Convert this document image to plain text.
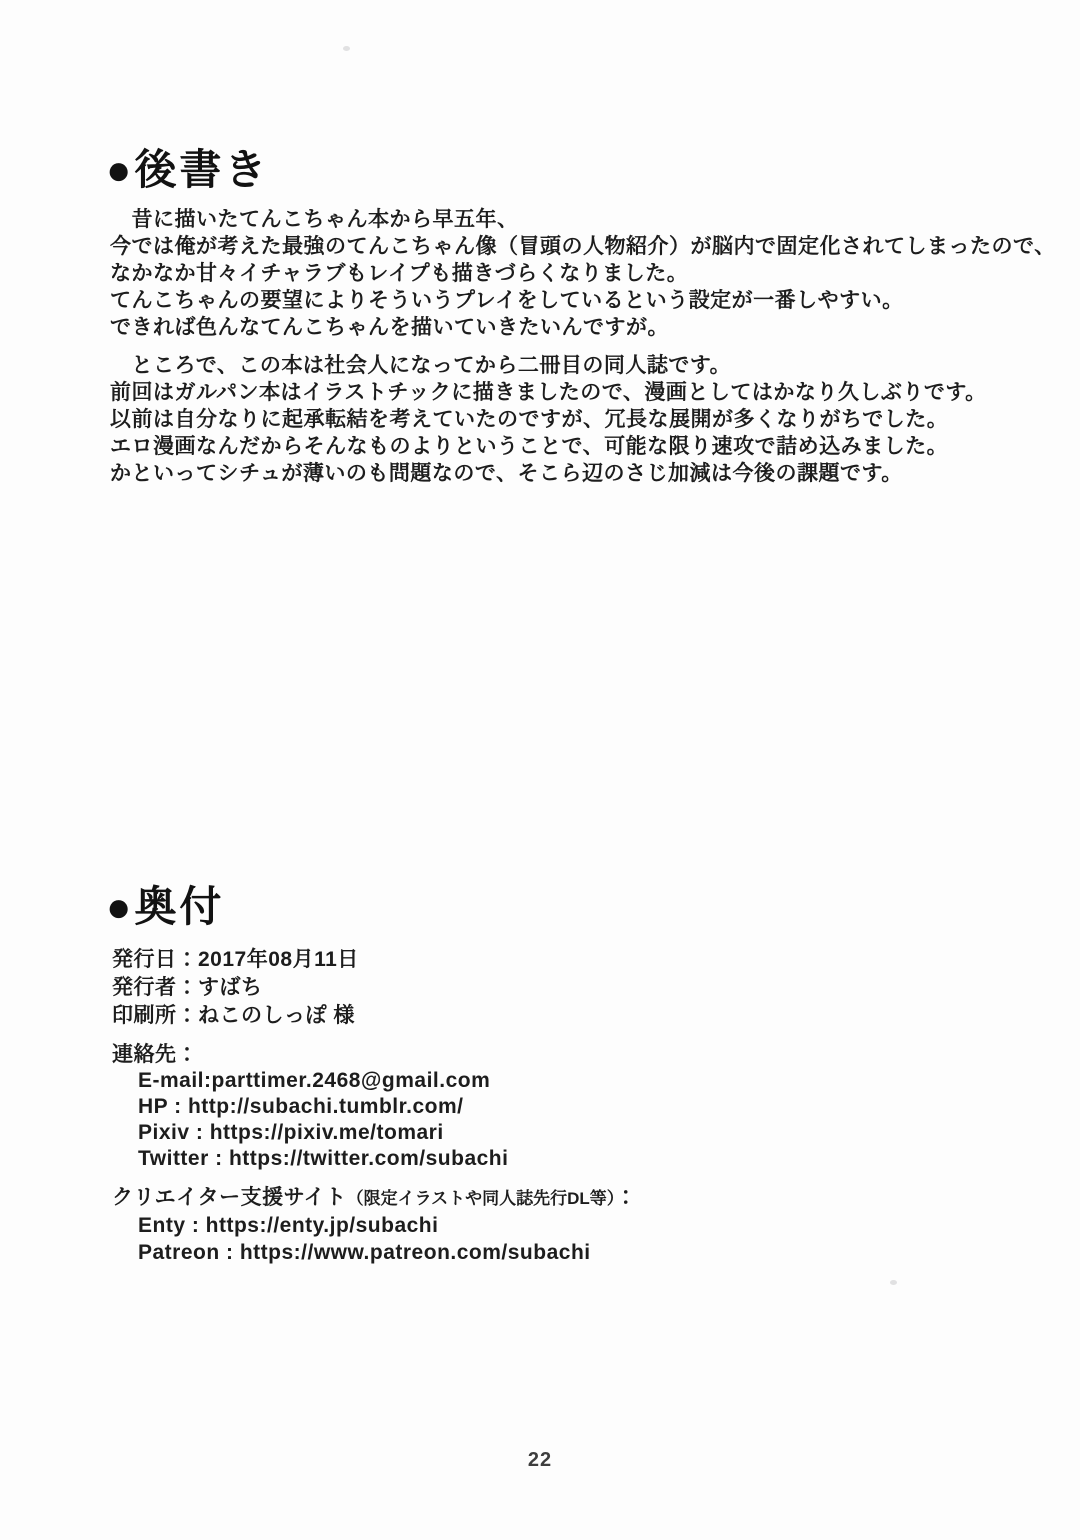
●後書き
　昔に描いたてんこちゃん本から早五年、
今では俺が考えた最強のてんこちゃん像（冒頭の人物紹介）が脳内で固定化されてしまったので、
なかなか甘々イチャラブもレイプも描きづらくなりました。
てんこちゃんの要望によりそういうプレイをしているという設定が一番しやすい。
できれば色んなてんこちゃんを描いていきたいんですが。
　ところで、この本は社会人になってから二冊目の同人誌です。
前回はガルパン本はイラストチックに描きましたので、漫画としてはかなり久しぶりです。
以前は自分なりに起承転結を考えていたのですが、冗長な展開が多くなりがちでした。
エロ漫画なんだからそんなものよりということで、可能な限り速攻で詰め込みました。
かといってシチュが薄いのも問題なので、そこら辺のさじ加減は今後の課題です。
●奥付
発行日：2017年08月11日
発行者：すばち
印刷所：ねこのしっぽ 様
連絡先：
E-mail:parttimer.2468@gmail.com
HP : http://subachi.tumblr.com/
Pixiv : https://pixiv.me/tomari
Twitter : https://twitter.com/subachi
クリエイター支援サイト（限定イラストや同人誌先行DL等）：
Enty : https://enty.jp/subachi
Patreon : https://www.patreon.com/subachi
22
